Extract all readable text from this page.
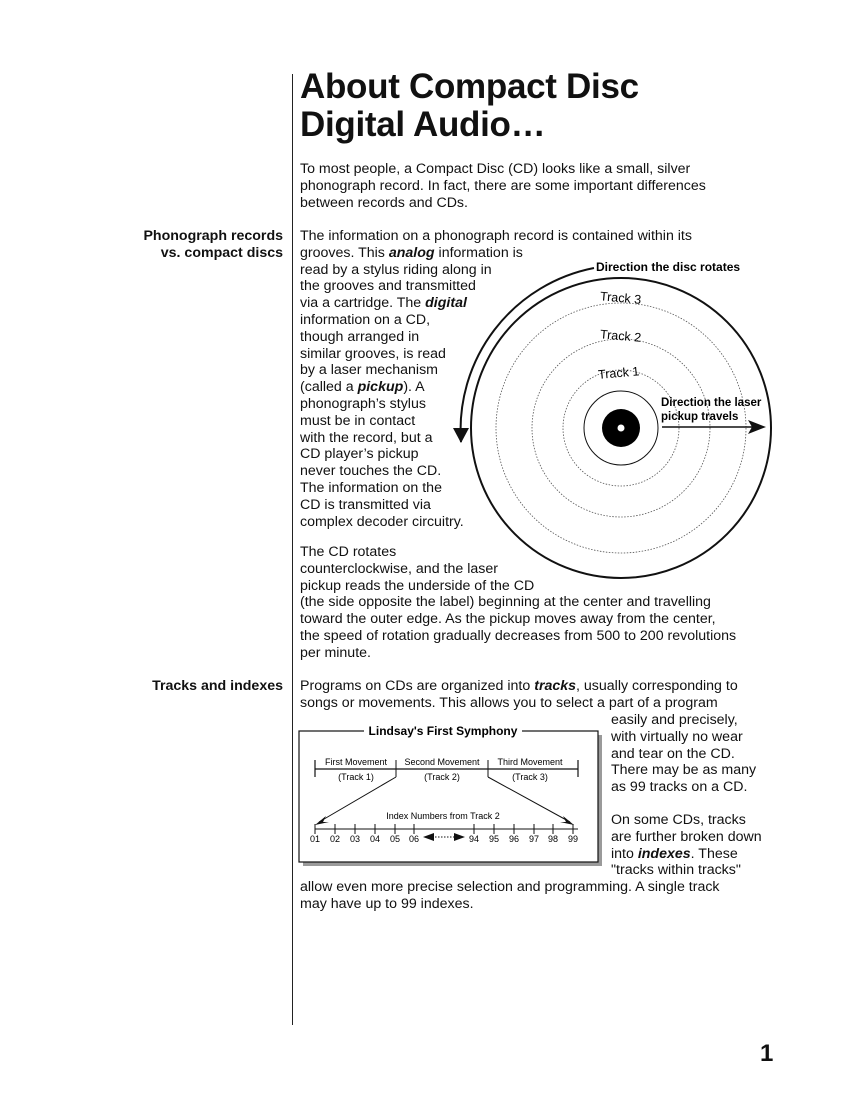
About Compact Disc
Digital Audio…

To most people, a Compact Disc (CD) looks like a small, silver
phonograph record. In fact, there are some important differences
between records and CDs.

Phonograph records
vs. compact discs

The information on a phonograph record is contained within its
grooves. This analog information is
read by a stylus riding along in
the grooves and transmitted
via a cartridge. The digital
information on a CD,
though arranged in
similar grooves, is read
by a laser mechanism
(called a pickup). A
phonograph’s stylus
must be in contact
with the record, but a
CD player’s pickup
never touches the CD.
The information on the
CD is transmitted via
complex decoder circuitry.

Direction the disc rotates
Direction the laser
pickup travels
Track 3
Track 2
Track 1

The CD rotates
counterclockwise, and the laser
pickup reads the underside of the CD
(the side opposite the label) beginning at the center and travelling
toward the outer edge. As the pickup moves away from the center,
the speed of rotation gradually decreases from 500 to 200 revolutions
per minute.

Tracks and indexes Programs on CDs are organized into tracks, usually corresponding to
songs or movements. This allows you to select a part of a program

easily and precisely,
with virtually no wear
and tear on the CD.
There may be as many
as 99 tracks on a CD.

On some CDs, tracks
are further broken down
into indexes. These
"tracks within tracks"

allow even more precise selection and programming. A single track
may have up to 99 indexes.

Lindsay's First Symphony
First Movement
(Track 1)
Second Movement
(Track 2)
Third Movement
(Track 3)
Index Numbers from Track 2
01 02 03 04 05 06	94 95 96 97 98 99
1
